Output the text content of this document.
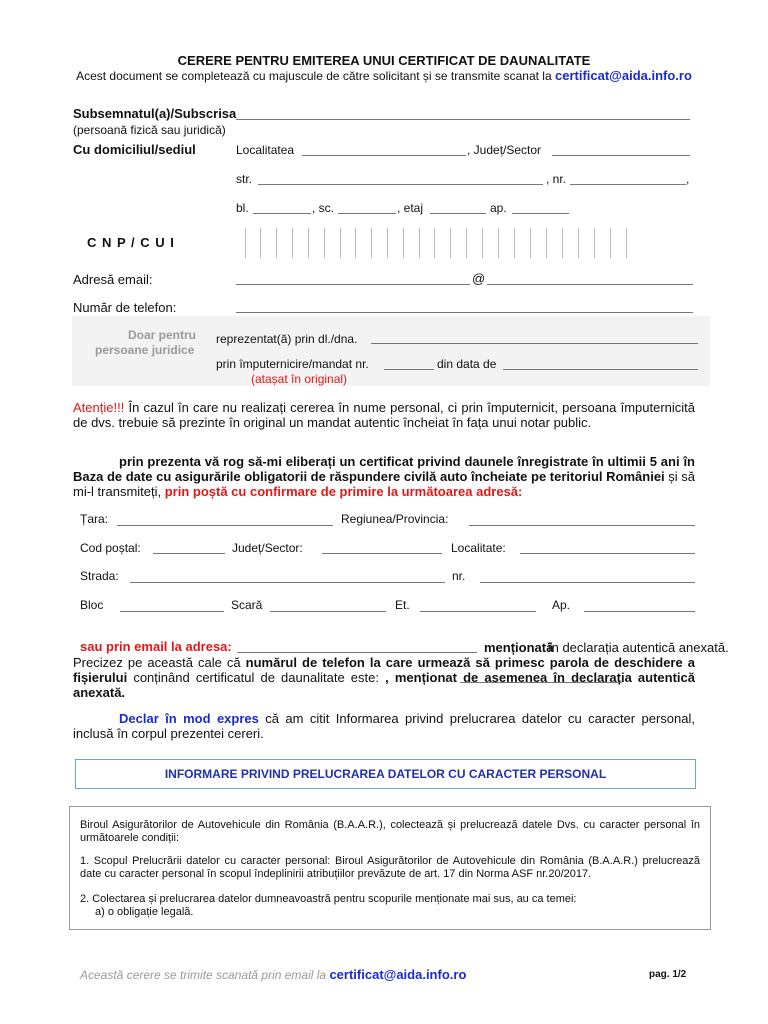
CERERE PENTRU EMITEREA UNUI CERTIFICAT DE DAUNALITATE
Acest document se completează cu majuscule de către solicitant și se transmite scanat la certificat@aida.info.ro
Subsemnatul(a)/Subscrisa
(persoană fizică sau juridică)
Cu domiciliul/sediul	Localitatea	, Județ/Sector
str.	, nr.	,
bl.	, sc.	, etaj	ap.
C N P / C U I
Adresă email:	@
Număr de telefon:
Doar pentru
persoane juridice
reprezentat(ă) prin dl./dna.
prin împuternicire/mandat nr.	din data de
(atașat în original)
Atenție!!! În cazul în care nu realizați cererea în nume personal, ci prin împuternicit, persoana împuternicită de dvs. trebuie să prezinte în original un mandat autentic încheiat în fața unui notar public.
prin prezenta vă rog să-mi eliberați un certificat privind daunele înregistrate în ultimii 5 ani în Baza de date cu asigurările obligatorii de răspundere civilă auto încheiate pe teritoriul României și să mi-l transmiteți, prin poștă cu confirmare de primire la următoarea adresă:
Țara:	Regiunea/Provincia:
Cod poștal:	Județ/Sector:	Localitate:
Strada:	nr.
Bloc	Scară	Et.	Ap.
sau prin email la adresa:	menționată
în declarația autentică anexată.
Precizez pe această cale că numărul de telefon la care urmează să primesc parola de deschidere a fișierului conținând certificatul de daunalitate este: , menționat de asemenea în declarația autentică anexată.
Declar în mod expres că am citit Informarea privind prelucrarea datelor cu caracter personal, inclusă în corpul prezentei cereri.
INFORMARE PRIVIND PRELUCRAREA DATELOR CU CARACTER PERSONAL
Biroul Asigurătorilor de Autovehicule din România (B.A.A.R.), colectează și prelucrează datele Dvs. cu caracter personal în următoarele condiții:
1. Scopul Prelucrării datelor cu caracter personal: Biroul Asigurătorilor de Autovehicule din România (B.A.A.R.) prelucrează date cu caracter personal în scopul îndeplinirii atribuțiilor prevăzute de art. 17 din Norma ASF nr.20/2017.
2. Colectarea și prelucrarea datelor dumneavoastră pentru scopurile menționate mai sus, au ca temei:
a) o obligație legală.
Această cerere se trimite scanată prin email la certificat@aida.info.ro	pag. 1/2
